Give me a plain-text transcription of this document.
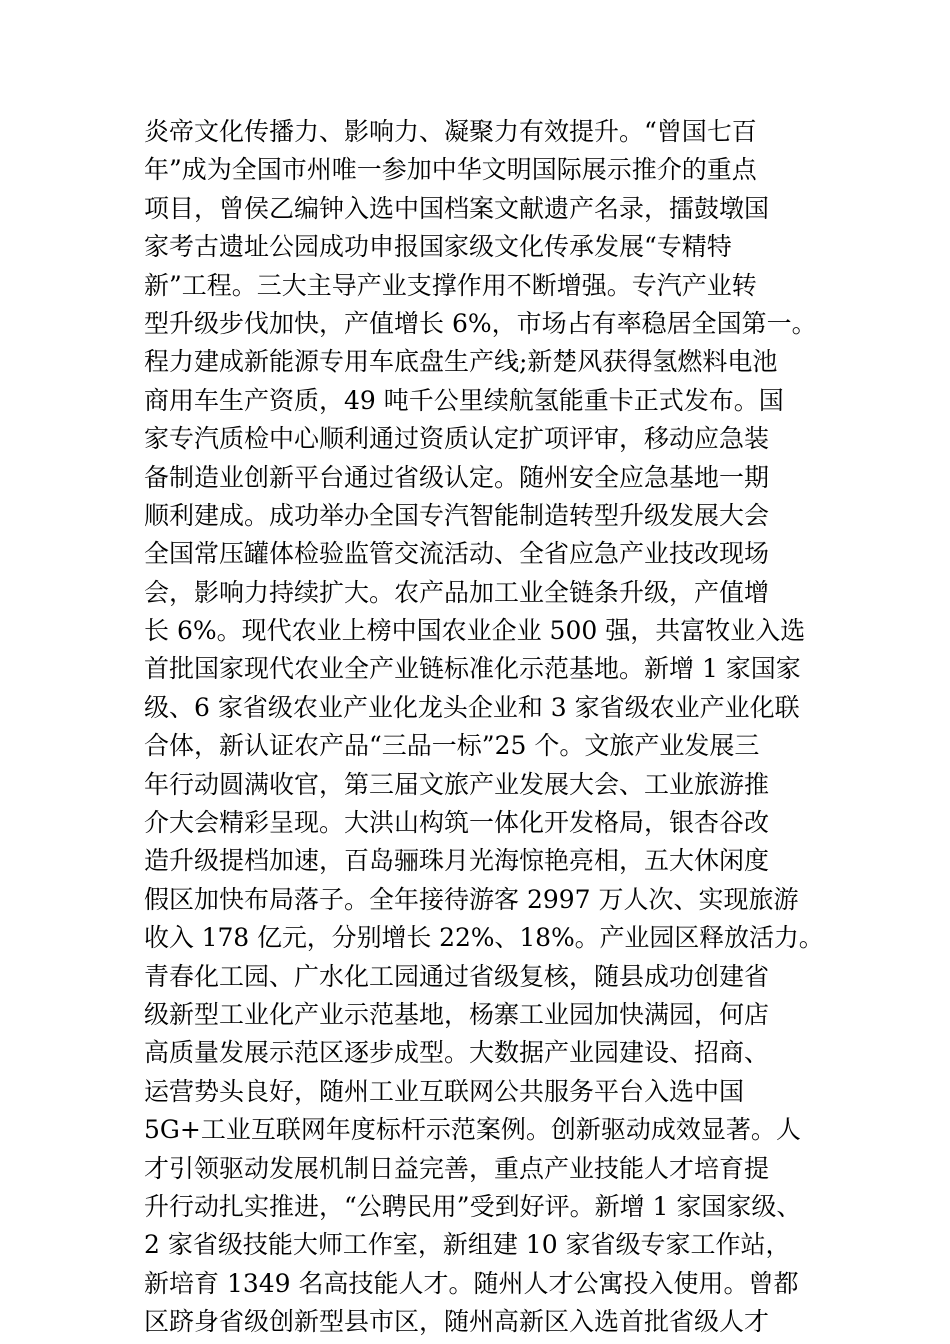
炎帝文化传播力、影响力、凝聚力有效提升。“曾国七百
年”成为全国市州唯一参加中华文明国际展示推介的重点
项目，曾侯乙编钟入选中国档案文献遗产名录，擂鼓墩国
家考古遗址公园成功申报国家级文化传承发展“专精特
新”工程。三大主导产业支撑作用不断增强。专汽产业转
型升级步伐加快，产值增长 6%，市场占有率稳居全国第一。
程力建成新能源专用车底盘生产线;新楚风获得氢燃料电池
商用车生产资质，49 吨千公里续航氢能重卡正式发布。国
家专汽质检中心顺利通过资质认定扩项评审，移动应急装
备制造业创新平台通过省级认定。随州安全应急基地一期
顺利建成。成功举办全国专汽智能制造转型升级发展大会
全国常压罐体检验监管交流活动、全省应急产业技改现场
会，影响力持续扩大。农产品加工业全链条升级，产值增
长 6%。现代农业上榜中国农业企业 500 强，共富牧业入选
首批国家现代农业全产业链标准化示范基地。新增 1 家国家
级、6 家省级农业产业化龙头企业和 3 家省级农业产业化联
合体，新认证农产品“三品一标”25 个。文旅产业发展三
年行动圆满收官，第三届文旅产业发展大会、工业旅游推
介大会精彩呈现。大洪山构筑一体化开发格局，银杏谷改
造升级提档加速，百岛骊珠月光海惊艳亮相，五大休闲度
假区加快布局落子。全年接待游客 2997 万人次、实现旅游
收入 178 亿元，分别增长 22%、18%。产业园区释放活力。
青春化工园、广水化工园通过省级复核，随县成功创建省
级新型工业化产业示范基地，杨寨工业园加快满园，何店
高质量发展示范区逐步成型。大数据产业园建设、招商、
运营势头良好，随州工业互联网公共服务平台入选中国
5G+工业互联网年度标杆示范案例。创新驱动成效显著。人
才引领驱动发展机制日益完善，重点产业技能人才培育提
升行动扎实推进，“公聘民用”受到好评。新增 1 家国家级、
2 家省级技能大师工作室，新组建 10 家省级专家工作站，
新培育 1349 名高技能人才。随州人才公寓投入使用。曾都
区跻身省级创新型县市区，随州高新区入选首批省级人才
